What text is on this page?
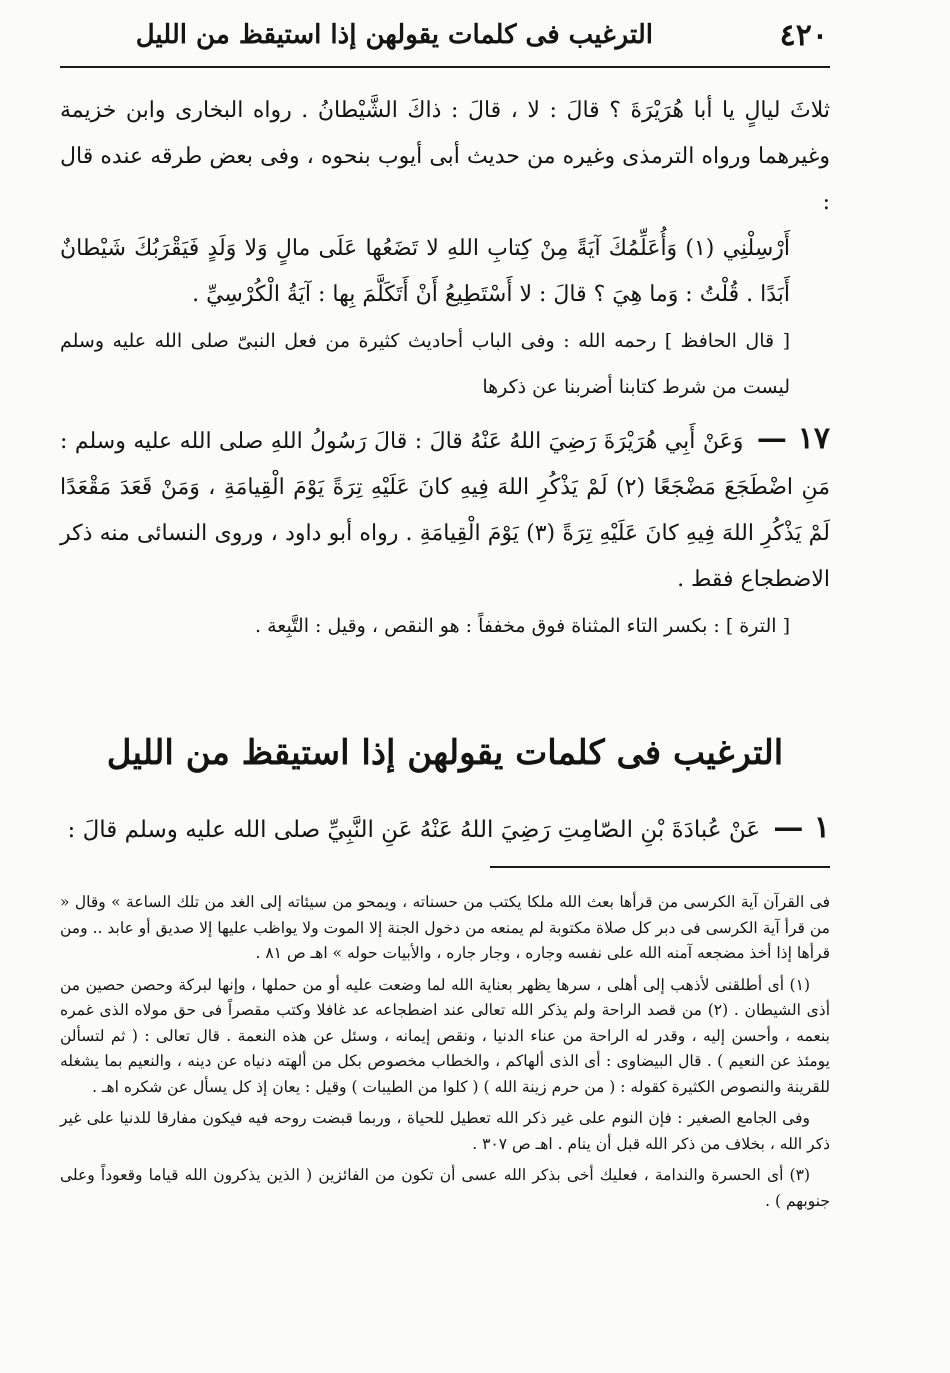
٤٢٠
الترغيب فى كلمات يقولهن إذا استيقظ من الليل

ثلاثَ ليالٍ يا أبا هُرَيْرَةَ ؟ قالَ : لا ، قالَ : ذاكَ الشَّيْطانُ . رواه البخارى وابن خزيمة وغيرهما ورواه الترمذى وغيره من حديث أبى أيوب بنحوه ، وفى بعض طرقه عنده قال :

أَرْسِلْنِي (١) وَأُعَلِّمُكَ آيَةً مِنْ كِتابِ اللهِ لا تَضَعُها عَلَى مالٍ وَلا وَلَدٍ فَيَقْرَبُكَ شَيْطانٌ أَبَدًا . قُلْتُ : وَما هِيَ ؟ قالَ : لا أَسْتَطِيعُ أَنْ أَتَكَلَّمَ بِها : آيَةُ الْكُرْسِيِّ .

[ قال الحافظ ] رحمه الله : وفى الباب أحاديث كثيرة من فعل النبىّ صلى الله عليه وسلم ليست من شرط كتابنا أضربنا عن ذكرها

١٧ — وَعَنْ أَبِي هُرَيْرَةَ رَضِيَ اللهُ عَنْهُ قالَ : قالَ رَسُولُ اللهِ صلى الله عليه وسلم : مَنِ اضْطَجَعَ مَضْجَعًا (٢) لَمْ يَذْكُرِ اللهَ فِيهِ كانَ عَلَيْهِ تِرَةً يَوْمَ الْقِيامَةِ ، وَمَنْ قَعَدَ مَقْعَدًا لَمْ يَذْكُرِ اللهَ فِيهِ كانَ عَلَيْهِ تِرَةً (٣) يَوْمَ الْقِيامَةِ . رواه أبو داود ، وروى النسائى منه ذكر الاضطجاع فقط .

[ الترة ] : بكسر التاء المثناة فوق مخففاً : هو النقص ، وقيل : التَّبِعة .

الترغيب فى كلمات يقولهن إذا استيقظ من الليل
١ — عَنْ عُبادَةَ بْنِ الصّامِتِ رَضِيَ اللهُ عَنْهُ عَنِ النَّبِيِّ صلى الله عليه وسلم قالَ :

فى القرآن آية الكرسى من قرأها بعث الله ملكا يكتب من حسناته ، ويمحو من سيئاته إلى الغد من تلك الساعة » وقال « من قرأ آية الكرسى فى دبر كل صلاة مكتوبة لم يمنعه من دخول الجنة إلا الموت ولا يواظب عليها إلا صديق أو عابد .. ومن قرأها إذا أخذ مضجعه آمنه الله على نفسه وجاره ، وجار جاره ، والأبيات حوله » اهـ ص ٨١ .

(١) أى أطلقنى لأذهب إلى أهلى ، سرها يظهر بعناية الله لما وضعت عليه أو من حملها ، وإنها لبركة وحصن حصين من أذى الشيطان . (٢) من قصد الراحة ولم يذكر الله تعالى عند اضطجاعه عد غافلا وكتب مقصراً فى حق مولاه الذى غمره بنعمه ، وأحسن إليه ، وقدر له الراحة من عناء الدنيا ، ونقص إيمانه ، وسئل عن هذه النعمة . قال تعالى : ( ثم لتسألن يومئذ عن النعيم ) . قال البيضاوى : أى الذى ألهاكم ، والخطاب مخصوص بكل من ألهته دنياه عن دينه ، والنعيم بما يشغله للقرينة والنصوص الكثيرة كقوله : ( من حرم زينة الله ) ( كلوا من الطيبات ) وقيل : يعان إذ كل يسأل عن شكره اهـ .

وفى الجامع الصغير : فإن النوم على غير ذكر الله تعطيل للحياة ، وربما قبضت روحه فيه فيكون مفارقا للدنيا على غير ذكر الله ، بخلاف من ذكر الله قبل أن ينام . اهـ ص ٣٠٧ .

(٣) أى الحسرة والندامة ، فعليك أخى بذكر الله عسى أن تكون من الفائزين ( الذين يذكرون الله قياما وقعوداً وعلى جنوبهم ) .
